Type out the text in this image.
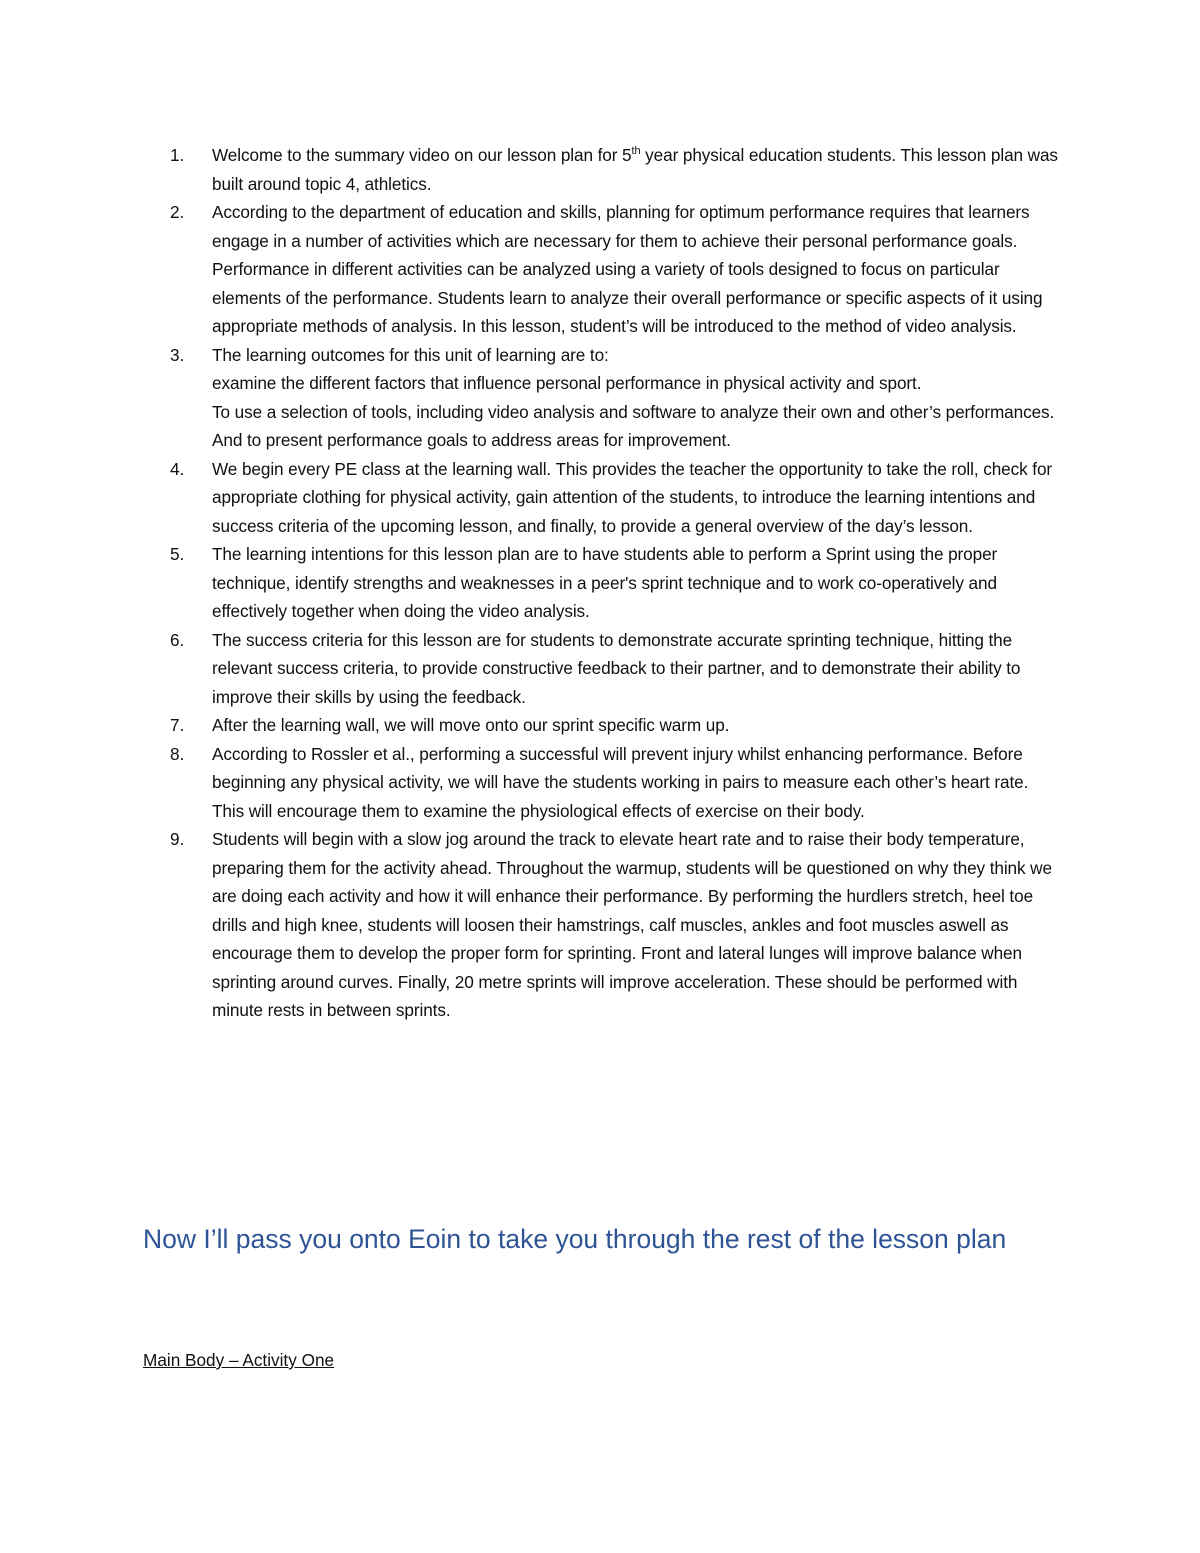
1.	Welcome to the summary video on our lesson plan for 5th year physical education students. This lesson plan was built around topic 4, athletics.
2.	According to the department of education and skills, planning for optimum performance requires that learners engage in a number of activities which are necessary for them to achieve their personal performance goals.
Performance in different activities can be analyzed using a variety of tools designed to focus on particular elements of the performance. Students learn to analyze their overall performance or specific aspects of it using appropriate methods of analysis. In this lesson, student’s will be introduced to the method of video analysis.
3.	The learning outcomes for this unit of learning are to:
examine the different factors that influence personal performance in physical activity and sport.
To use a selection of tools, including video analysis and software to analyze their own and other’s performances.
And to present performance goals to address areas for improvement.
4.	We begin every PE class at the learning wall. This provides the teacher the opportunity to take the roll, check for appropriate clothing for physical activity, gain attention of the students, to introduce the learning intentions and success criteria of the upcoming lesson, and finally, to provide a general overview of the day’s lesson.
5.	The learning intentions for this lesson plan are to have students able to perform a Sprint using the proper technique, identify strengths and weaknesses in a peer's sprint technique and to work co-operatively and effectively together when doing the video analysis.
6.	The success criteria for this lesson are for students to demonstrate accurate sprinting technique, hitting the relevant success criteria, to provide constructive feedback to their partner, and to demonstrate their ability to improve their skills by using the feedback.
7.	After the learning wall, we will move onto our sprint specific warm up.
8.	According to Rossler et al., performing a successful will prevent injury whilst enhancing performance. Before beginning any physical activity, we will have the students working in pairs to measure each other’s heart rate. This will encourage them to examine the physiological effects of exercise on their body.
9.	Students will begin with a slow jog around the track to elevate heart rate and to raise their body temperature, preparing them for the activity ahead. Throughout the warmup, students will be questioned on why they think we are doing each activity and how it will enhance their performance. By performing the hurdlers stretch, heel toe drills and high knee, students will loosen their hamstrings, calf muscles, ankles and foot muscles aswell as encourage them to develop the proper form for sprinting. Front and lateral lunges will improve balance when sprinting around curves. Finally, 20 metre sprints will improve acceleration. These should be performed with minute rests in between sprints.
Now I’ll pass you onto Eoin to take you through the rest of the lesson plan
Main Body – Activity One
